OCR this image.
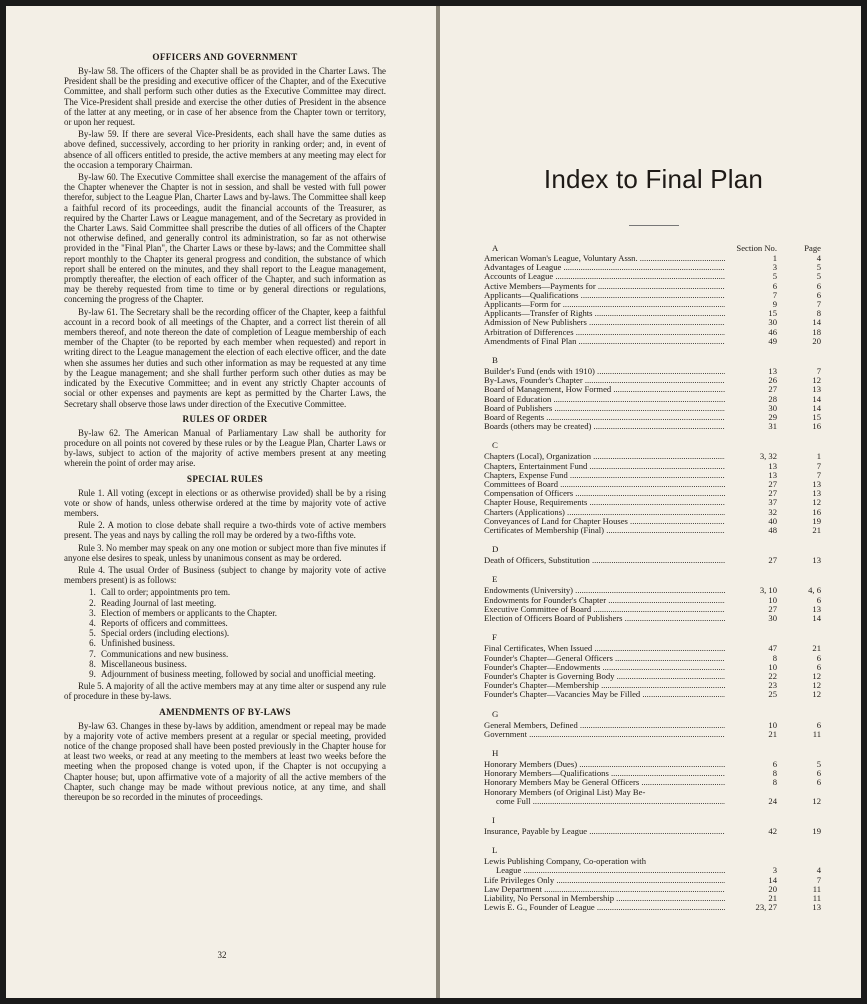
OFFICERS AND GOVERNMENT

By-law 58. The officers of the Chapter shall be as provided in the Charter Laws. The President shall be the presiding and executive officer of the Chapter, and of the Executive Committee, and shall perform such other duties as the Executive Committee may direct. The Vice-President shall preside and exercise the other duties of President in the absence of the latter at any meeting, or in case of her absence from the Chapter town or territory, or upon her request.

By-law 59. If there are several Vice-Presidents, each shall have the same duties as above defined, successively, according to her priority in ranking order; and, in event of absence of all officers entitled to preside, the active members at any meeting may elect for the occasion a temporary Chairman.

By-law 60. The Executive Committee shall exercise the management of the affairs of the Chapter whenever the Chapter is not in session, and shall be vested with full power therefor, subject to the League Plan, Charter Laws and by-laws. The Committee shall keep a faithful record of its proceedings, audit the financial accounts of the Treasurer, as required by the Charter Laws or League management, and of the Secretary as provided in the Charter Laws. Said Committee shall prescribe the duties of all officers of the Chapter not otherwise defined, and generally control its administration, so far as not otherwise provided in the "Final Plan", the Charter Laws or these by-laws; and the Committee shall report monthly to the Chapter its general progress and condition, the substance of which report shall be entered on the minutes, and they shall report to the League management, promptly thereafter, the election of each officer of the Chapter, and such information as may be thereby requested from time to time or by general directions or regulations, concerning the progress of the Chapter.

By-law 61. The Secretary shall be the recording officer of the Chapter, keep a faithful account in a record book of all meetings of the Chapter, and a correct list therein of all members thereof, and note thereon the date of completion of League membership of each member of the Chapter (to be reported by each member when requested) and report in writing direct to the League management the election of each elective officer, and the date when she assumes her duties and such other information as may be requested at any time by the League management; and she shall further perform such other duties as may be indicated by the Executive Committee; and in event any strictly Chapter accounts of social or other expenses and payments are kept as permitted by the Charter Laws, the Secretary shall observe those laws under direction of the Executive Committee.

RULES OF ORDER

By-law 62. The American Manual of Parliamentary Law shall be authority for procedure on all points not covered by these rules or by the League Plan, Charter Laws or by-laws, subject to action of the majority of active members present at any meeting wherein the point of order may arise.

SPECIAL RULES

Rule 1. All voting (except in elections or as otherwise provided) shall be by a rising vote or show of hands, unless otherwise ordered at the time by majority vote of active members.

Rule 2. A motion to close debate shall require a two-thirds vote of active members present. The yeas and nays by calling the roll may be ordered by a two-fifths vote.

Rule 3. No member may speak on any one motion or subject more than five minutes if anyone else desires to speak, unless by unanimous consent as may be ordered.

Rule 4. The usual Order of Business (subject to change by majority vote of active members present) is as follows:

1. Call to order; appointments pro tem.
2. Reading Journal of last meeting.
3. Election of members or applicants to the Chapter.
4. Reports of officers and committees.
5. Special orders (including elections).
6. Unfinished business.
7. Communications and new business.
8. Miscellaneous business.
9. Adjournment of business meeting, followed by social and unofficial meeting.

Rule 5. A majority of all the active members may at any time alter or suspend any rule of procedure in these by-laws.

AMENDMENTS OF BY-LAWS

By-law 63. Changes in these by-laws by addition, amendment or repeal may be made by a majority vote of active members present at a regular or special meeting, provided notice of the change proposed shall have been posted previously in the Chapter house for at least two weeks, or read at any meeting to the members at least two weeks before the meeting when the proposed change is voted upon, if the Chapter is not occupying a Chapter house; but, upon affirmative vote of a majority of all the active members of the Chapter, such change may be made without previous notice, at any time, and shall thereupon be so recorded in the minutes of proceedings.

32
Index to Final Plan
A	Section No.	Page
American Woman's League, Voluntary Assn. .....	1	4
Advantages of League .....	3	5
Accounts of League .....	5	5
Active Members—Payments for .....	6	6
Applicants—Qualifications .....	7	6
Applicants—Form for .....	9	7
Applicants—Transfer of Rights .....	15	8
Admission of New Publishers .....	30	14
Arbitration of Differences .....	46	18
Amendments of Final Plan .....	49	20
B
Builder's Fund (ends with 1910) .....	13	7
By-Laws, Founder's Chapter .....	26	12
Board of Management, How Formed .....	27	13
Board of Education .....	28	14
Board of Publishers .....	30	14
Board of Regents .....	29	15
Boards (others may be created) .....	31	16
C
Chapters (Local), Organization .....	3, 32	1
Chapters, Entertainment Fund .....	13	7
Chapters, Expense Fund .....	13	7
Committees of Board .....	27	13
Compensation of Officers .....	27	13
Chapter House, Requirements .....	37	12
Charters (Applications) .....	32	16
Conveyances of Land for Chapter Houses .....	40	19
Certificates of Membership (Final) .....	48	21
D
Death of Officers, Substitution .....	27	13
E
Endowments (University) .....	3, 10	4, 6
Endowments for Founder's Chapter .....	10	6
Executive Committee of Board .....	27	13
Election of Officers Board of Publishers .....	30	14
F
Final Certificates, When Issued .....	47	21
Founder's Chapter—General Officers .....	8	6
Founder's Chapter—Endowments .....	10	6
Founder's Chapter is Governing Body .....	22	12
Founder's Chapter—Membership .....	23	12
Founder's Chapter—Vacancies May be Filled .....	25	12
G
General Members, Defined .....	10	6
Government .....	21	11
H
Honorary Members (Dues) .....	6	5
Honorary Members—Qualifications .....	8	6
Honorary Members May be General Officers .....	8	6
Honorary Members (of Original List) May Be-
come Full .....	24	12
I
Insurance, Payable by League .....	42	19
L
Lewis Publishing Company, Co-operation with
League .....	3	4
Life Privileges Only .....	14	7
Law Department .....	20	11
Liability, No Personal in Membership .....	21	11
Lewis E. G., Founder of League .....	23, 27	13
